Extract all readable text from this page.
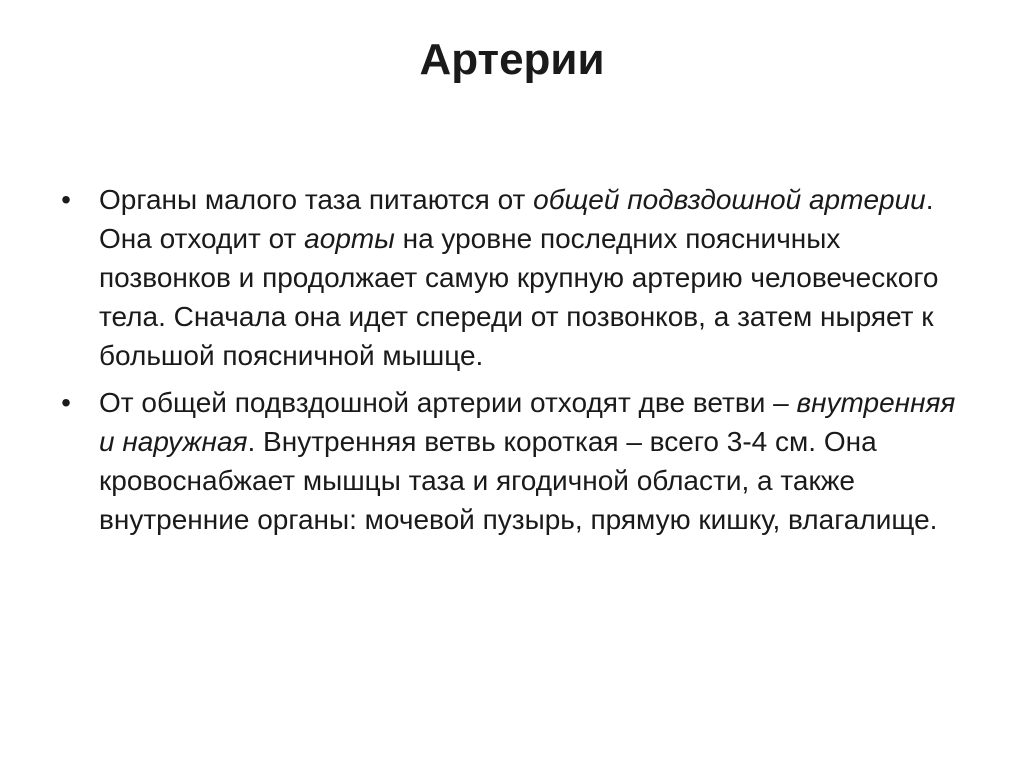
Артерии
• Органы малого таза питаются от общей подвздошной артерии. Она отходит от аорты на уровне последних поясничных позвонков и продолжает самую крупную артерию человеческого тела. Сначала она идет спереди от позвонков, а затем ныряет к большой поясничной мышце.
• От общей подвздошной артерии отходят две ветви – внутренняя и наружная. Внутренняя ветвь короткая – всего 3-4 см. Она кровоснабжает мышцы таза и ягодичной области, а также внутренние органы: мочевой пузырь, прямую кишку, влагалище.
